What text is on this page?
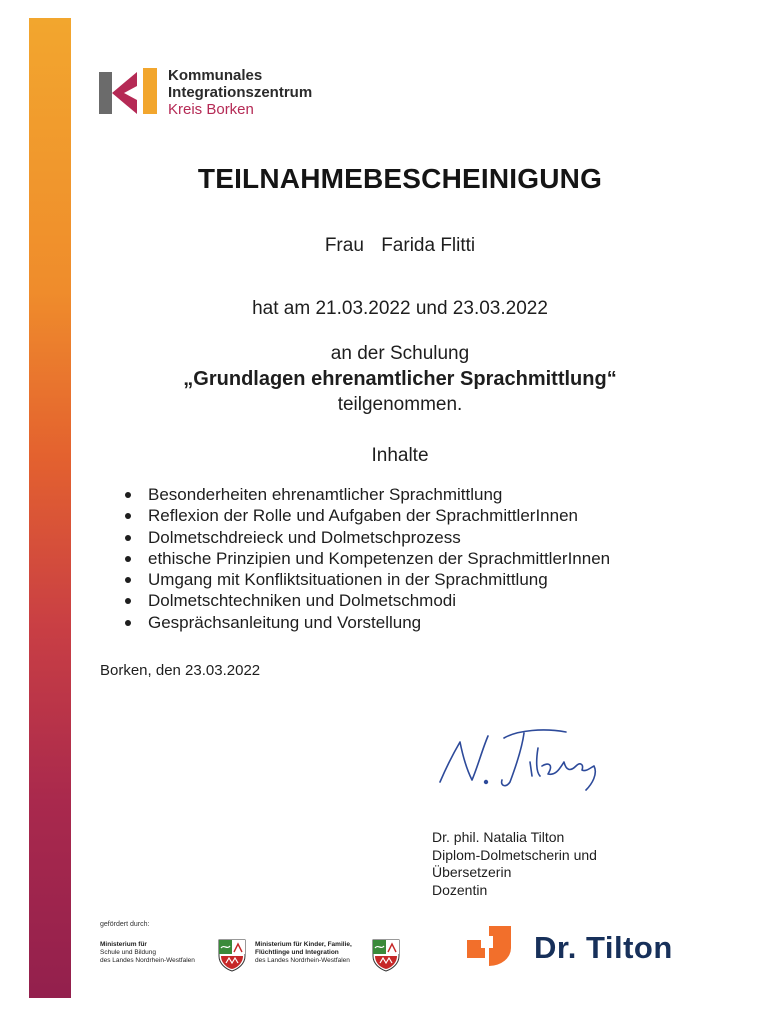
Kommunales
Integrationszentrum
Kreis Borken
TEILNAHMEBESCHEINIGUNG
Frau Farida Flitti
hat am 21.03.2022 und 23.03.2022
an der Schulung
„Grundlagen ehrenamtlicher Sprachmittlung“
teilgenommen.
Inhalte
Besonderheiten ehrenamtlicher Sprachmittlung
Reflexion der Rolle und Aufgaben der SprachmittlerInnen
Dolmetschdreieck und Dolmetschprozess
ethische Prinzipien und Kompetenzen der SprachmittlerInnen
Umgang mit Konfliktsituationen in der Sprachmittlung
Dolmetschtechniken und Dolmetschmodi
Gesprächsanleitung und Vorstellung
Borken, den 23.03.2022
Dr. phil. Natalia Tilton
Diplom-Dolmetscherin und
Übersetzerin
Dozentin
gefördert durch:
Ministerium für
Schule und Bildung
des Landes Nordrhein-Westfalen
Ministerium für Kinder, Familie,
Flüchtlinge und Integration
des Landes Nordrhein-Westfalen	Dr. Tilton
